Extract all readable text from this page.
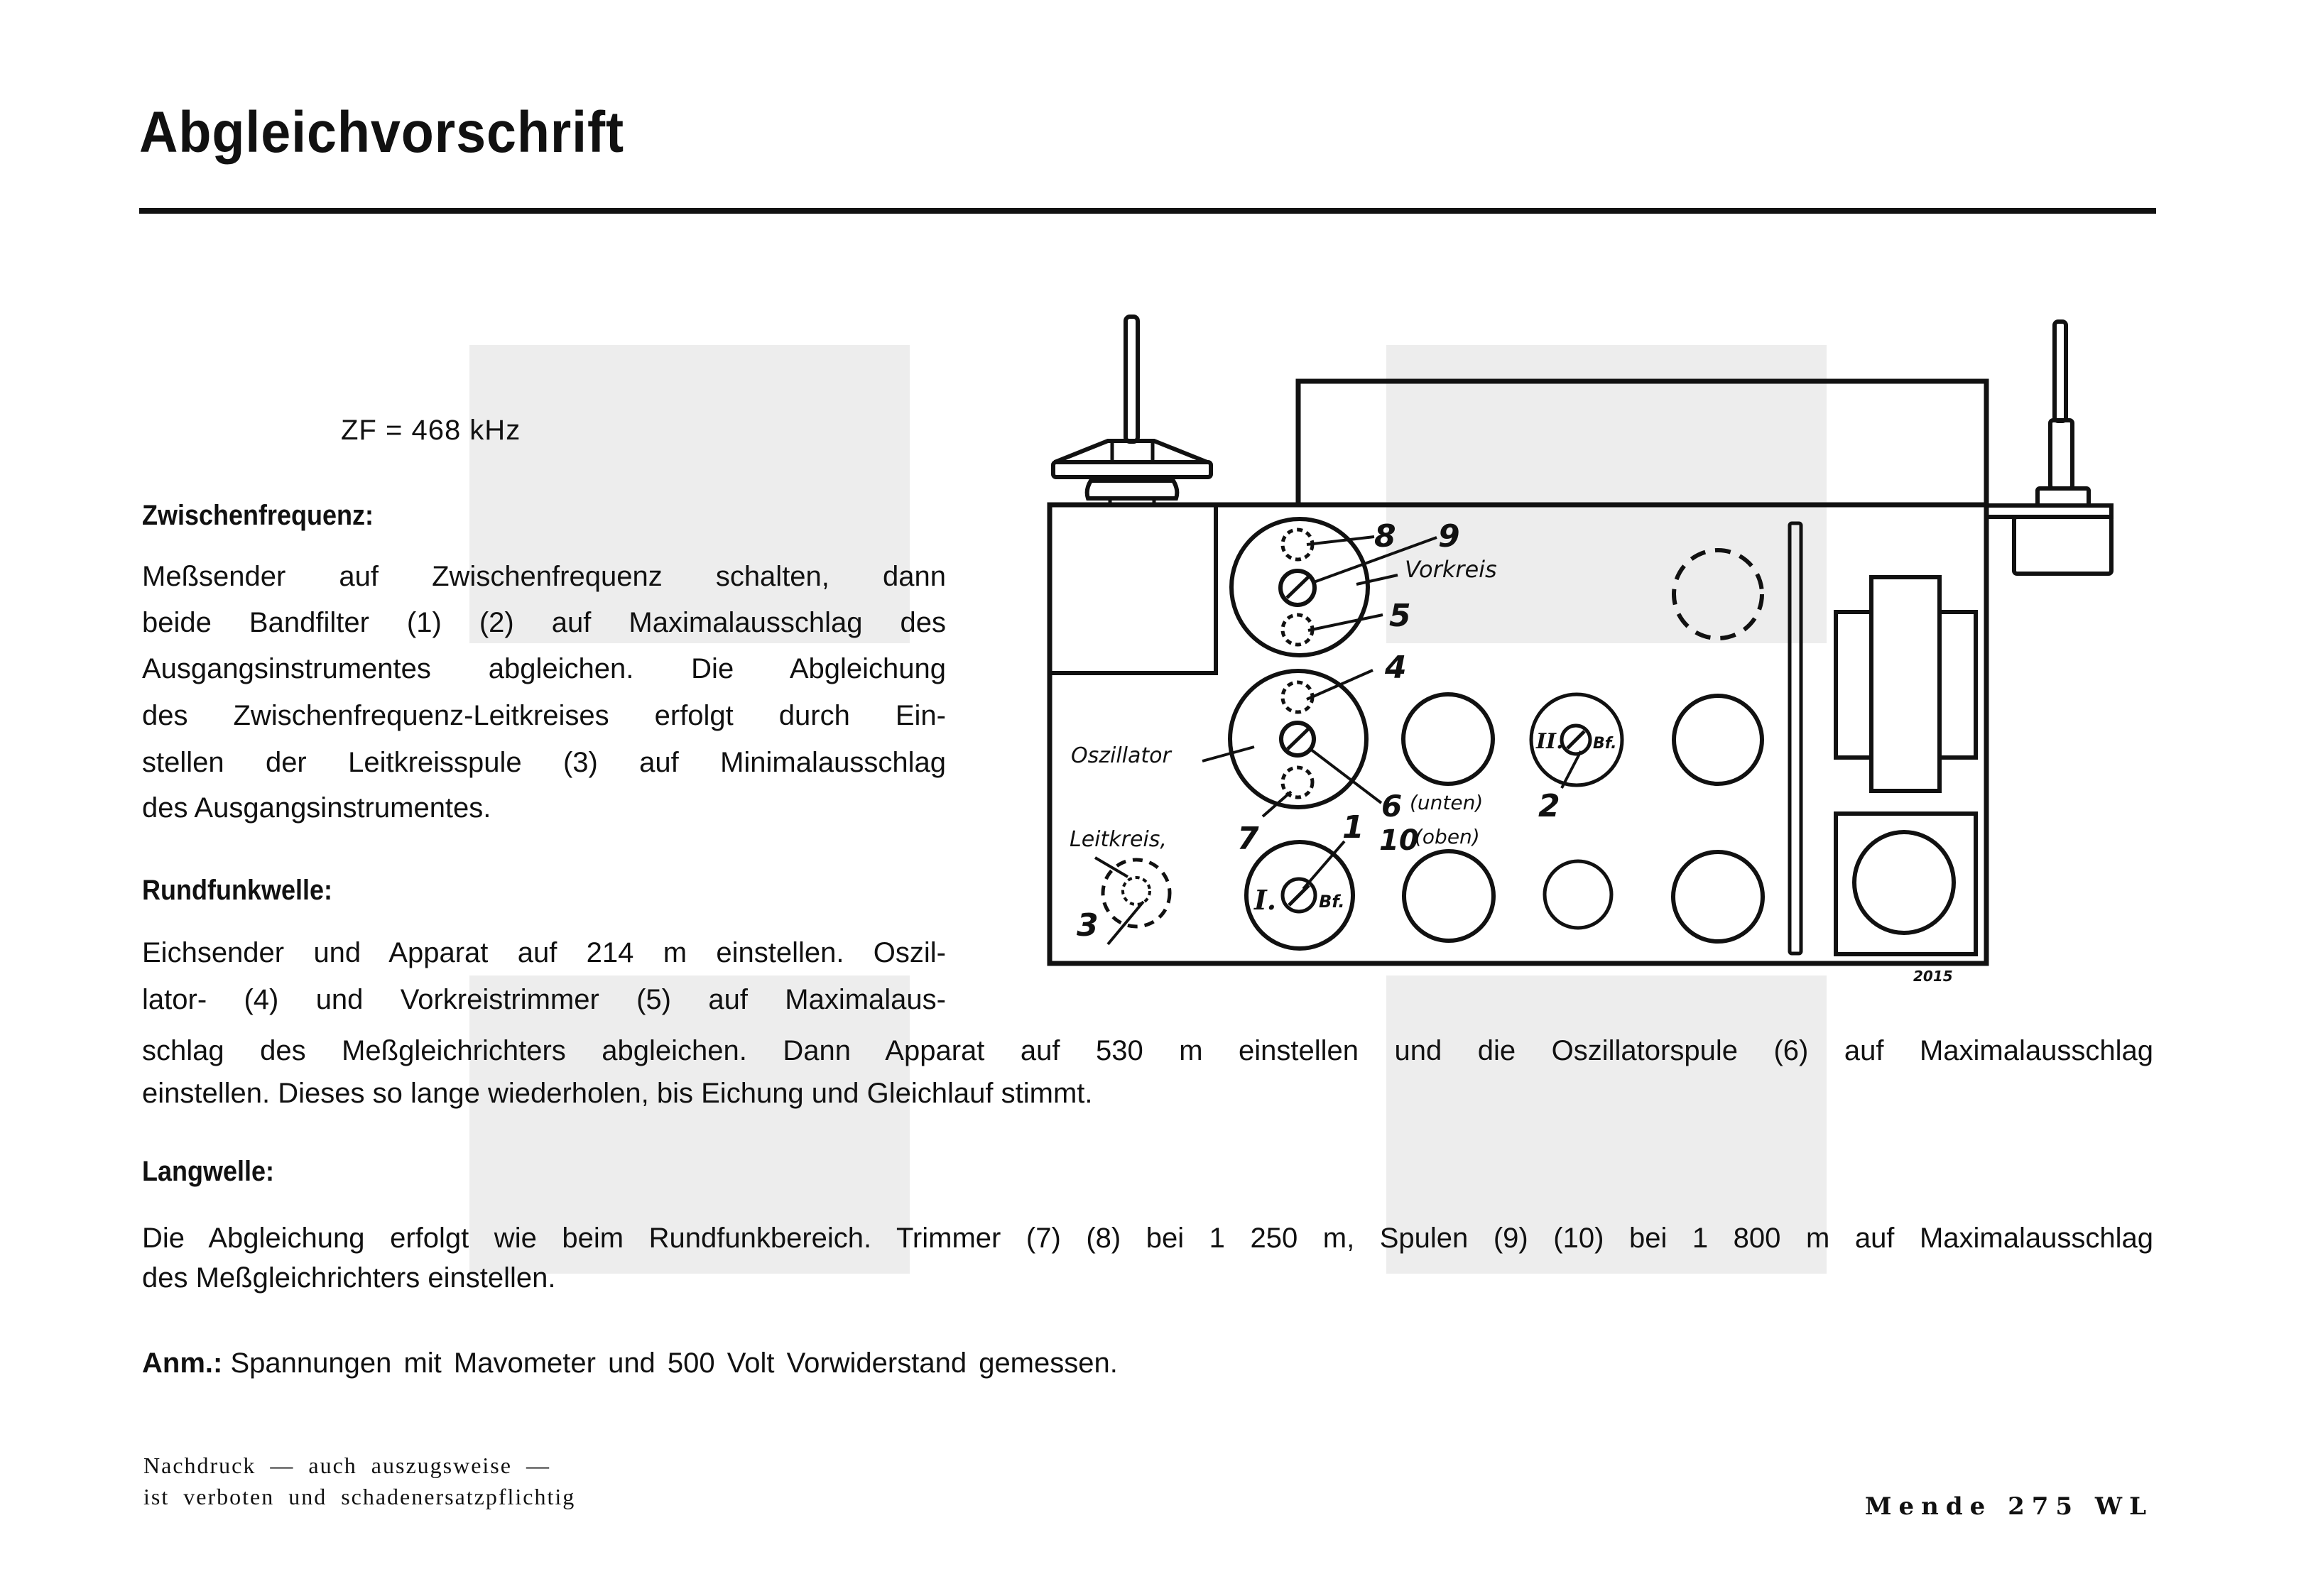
Abgleichvorschrift
ZF = 468 kHz
Zwischenfrequenz:
Meßsender auf Zwischenfrequenz schalten, dann
beide Bandfilter (1) (2) auf Maximalausschlag des
Ausgangsinstrumentes abgleichen. Die Abgleichung
des Zwischenfrequenz-Leitkreises erfolgt durch Ein-
stellen der Leitkreisspule (3) auf Minimalausschlag
des Ausgangsinstrumentes.
Rundfunkwelle:
Eichsender und Apparat auf 214 m einstellen. Oszil-
lator- (4) und Vorkreistrimmer (5) auf Maximalaus-
schlag des Meßgleichrichters abgleichen. Dann Apparat auf 530 m einstellen und die Oszillatorspule (6) auf Maximalausschlag
einstellen. Dieses so lange wiederholen, bis Eichung und Gleichlauf stimmt.
Langwelle:
Die Abgleichung erfolgt wie beim Rundfunkbereich. Trimmer (7) (8) bei 1 250 m, Spulen (9) (10) bei 1 800 m auf Maximalausschlag
des Meßgleichrichters einstellen.
Anm.: Spannungen mit Mavometer und 500 Volt Vorwiderstand gemessen.
Nachdruck — auch auszugsweise —
ist verboten und schadenersatzpflichtig	Mende 275 WL
8 9
Vorkreis
5
4
Oszillator
6 (unten)
10
(oben)
7	1
2
Leitkreis,
3
I. Bf.
II. Bf.
2015
